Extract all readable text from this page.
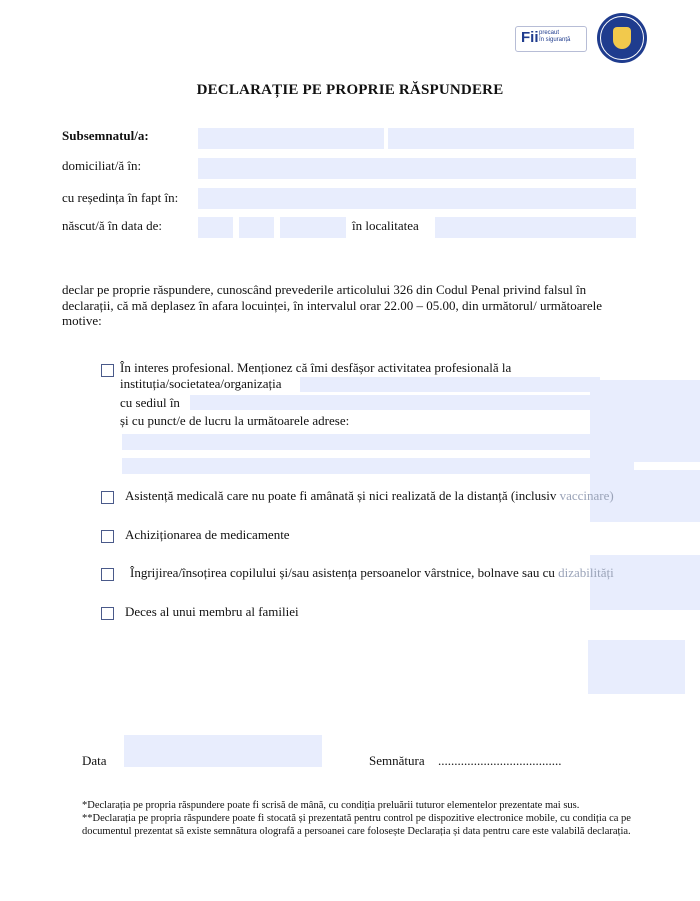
Fii precaut
în siguranță
DECLARAȚIE PE PROPRIE RĂSPUNDERE
Subsemnatul/a:
domiciliat/ă în:
cu reședința în fapt în:
născut/ă în data de:	în localitatea
declar pe proprie răspundere, cunoscând prevederile articolului 326 din Codul Penal privind falsul în declarații, că mă deplasez în afara locuinței, în intervalul orar 22.00 – 05.00, din următorul/ următoarele motive:
În interes profesional. Menționez că îmi desfășor activitatea profesională la
instituția/societatea/organizația
cu sediul în
și cu punct/e de lucru la următoarele adrese:
Asistență medicală care nu poate fi amânată și nici realizată de la distanță (inclusiv vaccinare)
Achiziționarea de medicamente
Îngrijirea/însoțirea copilului și/sau asistența persoanelor vârstnice, bolnave sau cu dizabilități
Deces al unui membru al familiei
Data	Semnătura ......................................
*Declarația pe propria răspundere poate fi scrisă de mână, cu condiția preluării tuturor elementelor prezentate mai sus.
**Declarația pe propria răspundere poate fi stocată și prezentată pentru control pe dispozitive electronice mobile, cu condiția ca pe documentul prezentat să existe semnătura olografă a persoanei care folosește Declarația și data pentru care este valabilă declarația.
